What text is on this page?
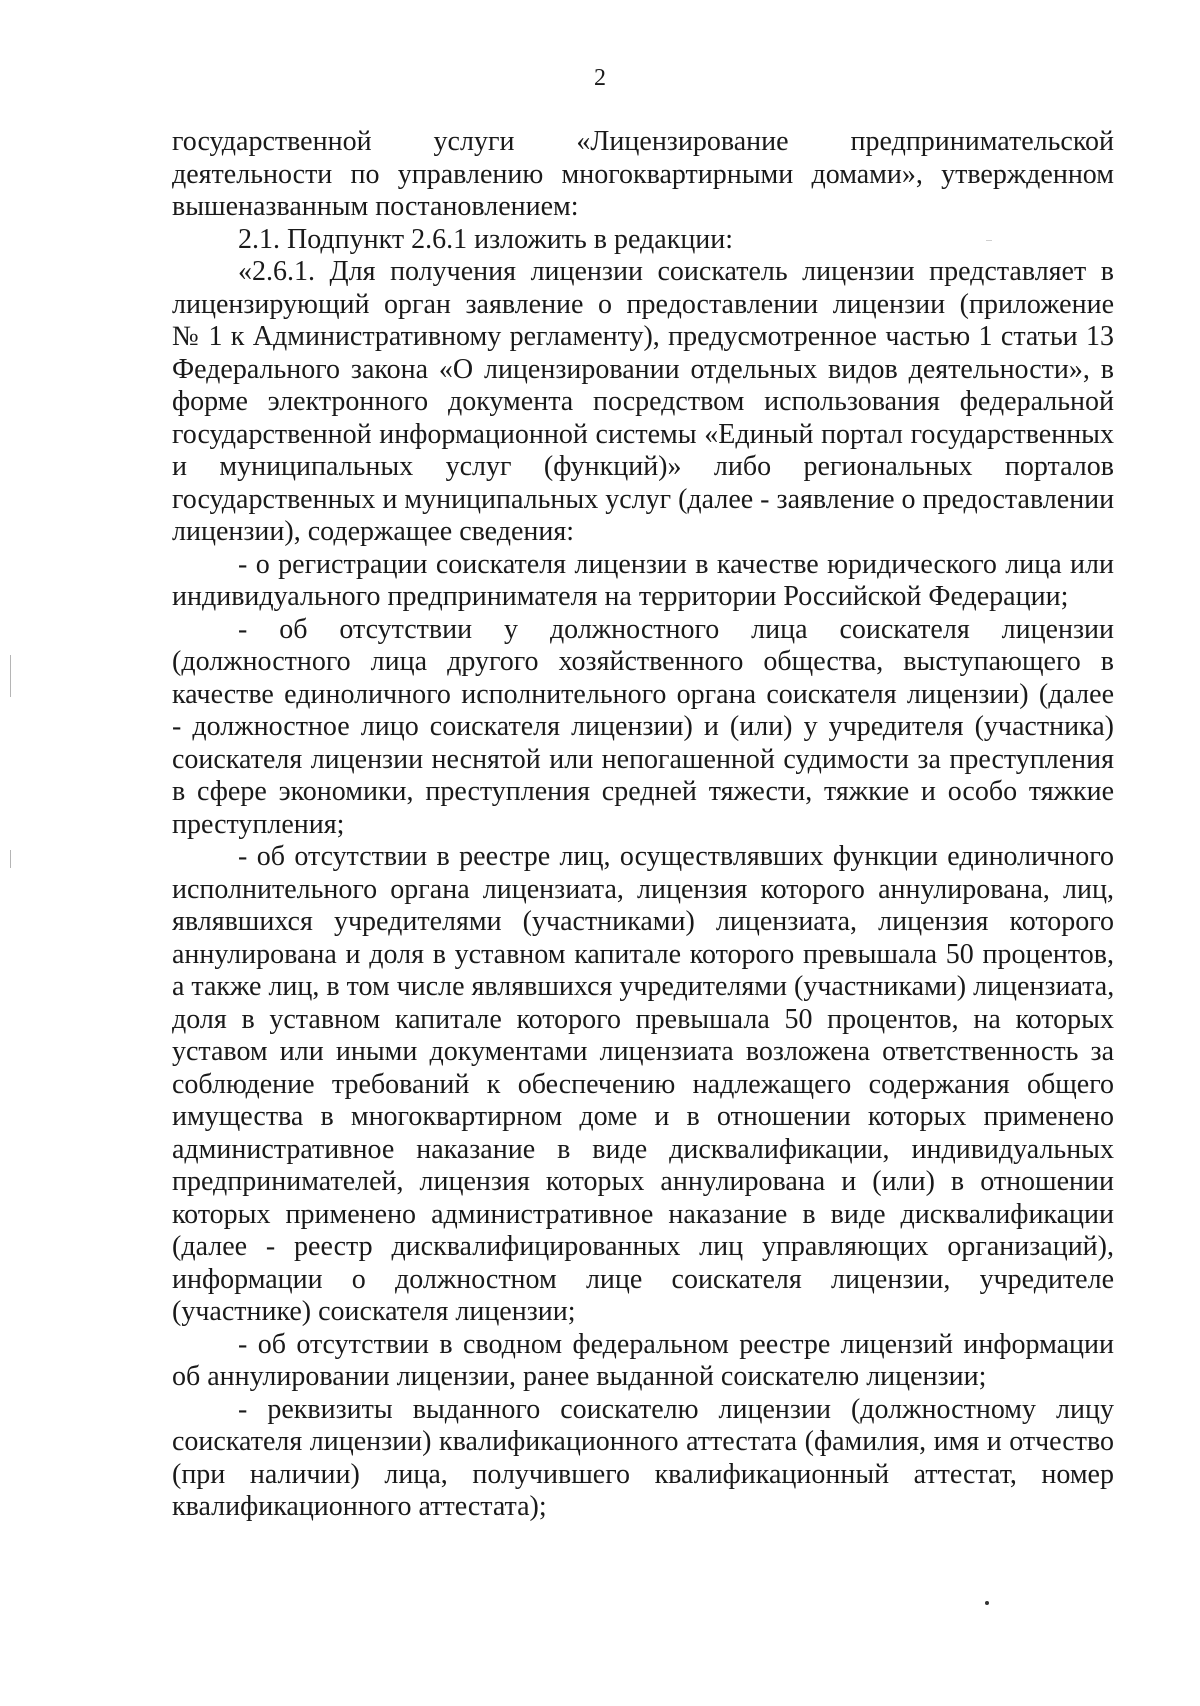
2
государственной услуги «Лицензирование предпринимательской
деятельности по управлению многоквартирными домами», утвержденном
вышеназванным постановлением:
2.1. Подпункт 2.6.1 изложить в редакции:
«2.6.1. Для получения лицензии соискатель лицензии представляет в
лицензирующий орган заявление о предоставлении лицензии (приложение
№ 1 к Административному регламенту), предусмотренное частью 1 статьи 13
Федерального закона «О лицензировании отдельных видов деятельности», в
форме электронного документа посредством использования федеральной
государственной информационной системы «Единый портал государственных
и муниципальных услуг (функций)» либо региональных порталов
государственных и муниципальных услуг (далее - заявление о предоставлении
лицензии), содержащее сведения:
- о регистрации соискателя лицензии в качестве юридического лица или
индивидуального предпринимателя на территории Российской Федерации;
- об отсутствии у должностного лица соискателя лицензии
(должностного лица другого хозяйственного общества, выступающего в
качестве единоличного исполнительного органа соискателя лицензии) (далее
- должностное лицо соискателя лицензии) и (или) у учредителя (участника)
соискателя лицензии неснятой или непогашенной судимости за преступления
в сфере экономики, преступления средней тяжести, тяжкие и особо тяжкие
преступления;
- об отсутствии в реестре лиц, осуществлявших функции единоличного
исполнительного органа лицензиата, лицензия которого аннулирована, лиц,
являвшихся учредителями (участниками) лицензиата, лицензия которого
аннулирована и доля в уставном капитале которого превышала 50 процентов,
а также лиц, в том числе являвшихся учредителями (участниками) лицензиата,
доля в уставном капитале которого превышала 50 процентов, на которых
уставом или иными документами лицензиата возложена ответственность за
соблюдение требований к обеспечению надлежащего содержания общего
имущества в многоквартирном доме и в отношении которых применено
административное наказание в виде дисквалификации, индивидуальных
предпринимателей, лицензия которых аннулирована и (или) в отношении
которых применено административное наказание в виде дисквалификации
(далее - реестр дисквалифицированных лиц управляющих организаций),
информации о должностном лице соискателя лицензии, учредителе
(участнике) соискателя лицензии;
- об отсутствии в сводном федеральном реестре лицензий информации
об аннулировании лицензии, ранее выданной соискателю лицензии;
- реквизиты выданного соискателю лицензии (должностному лицу
соискателя лицензии) квалификационного аттестата (фамилия, имя и отчество
(при наличии) лица, получившего квалификационный аттестат, номер
квалификационного аттестата);
